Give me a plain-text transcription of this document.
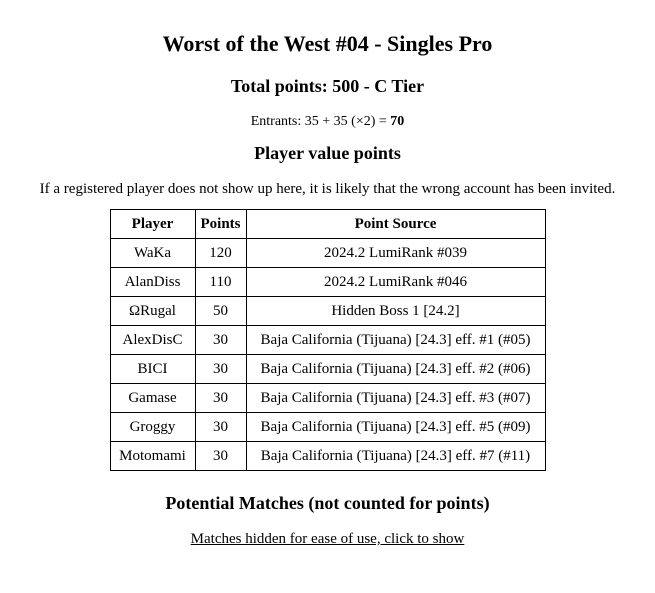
Worst of the West #04 - Singles Pro
Total points: 500 - C Tier

Entrants: 35 + 35 (×2) = 70

Player value points

If a registered player does not show up here, it is likely that the wrong account has been invited.

Player	Points	Point Source
WaKa	120	2024.2 LumiRank #039
AlanDiss	110	2024.2 LumiRank #046
ΩRugal	50	Hidden Boss 1 [24.2]
AlexDisC	30	Baja California (Tijuana) [24.3] eff. #1 (#05)
BICI	30	Baja California (Tijuana) [24.3] eff. #2 (#06)
Gamase	30	Baja California (Tijuana) [24.3] eff. #3 (#07)
Groggy	30	Baja California (Tijuana) [24.3] eff. #5 (#09)
Motomami	30	Baja California (Tijuana) [24.3] eff. #7 (#11)
Potential Matches (not counted for points)

Matches hidden for ease of use, click to show
